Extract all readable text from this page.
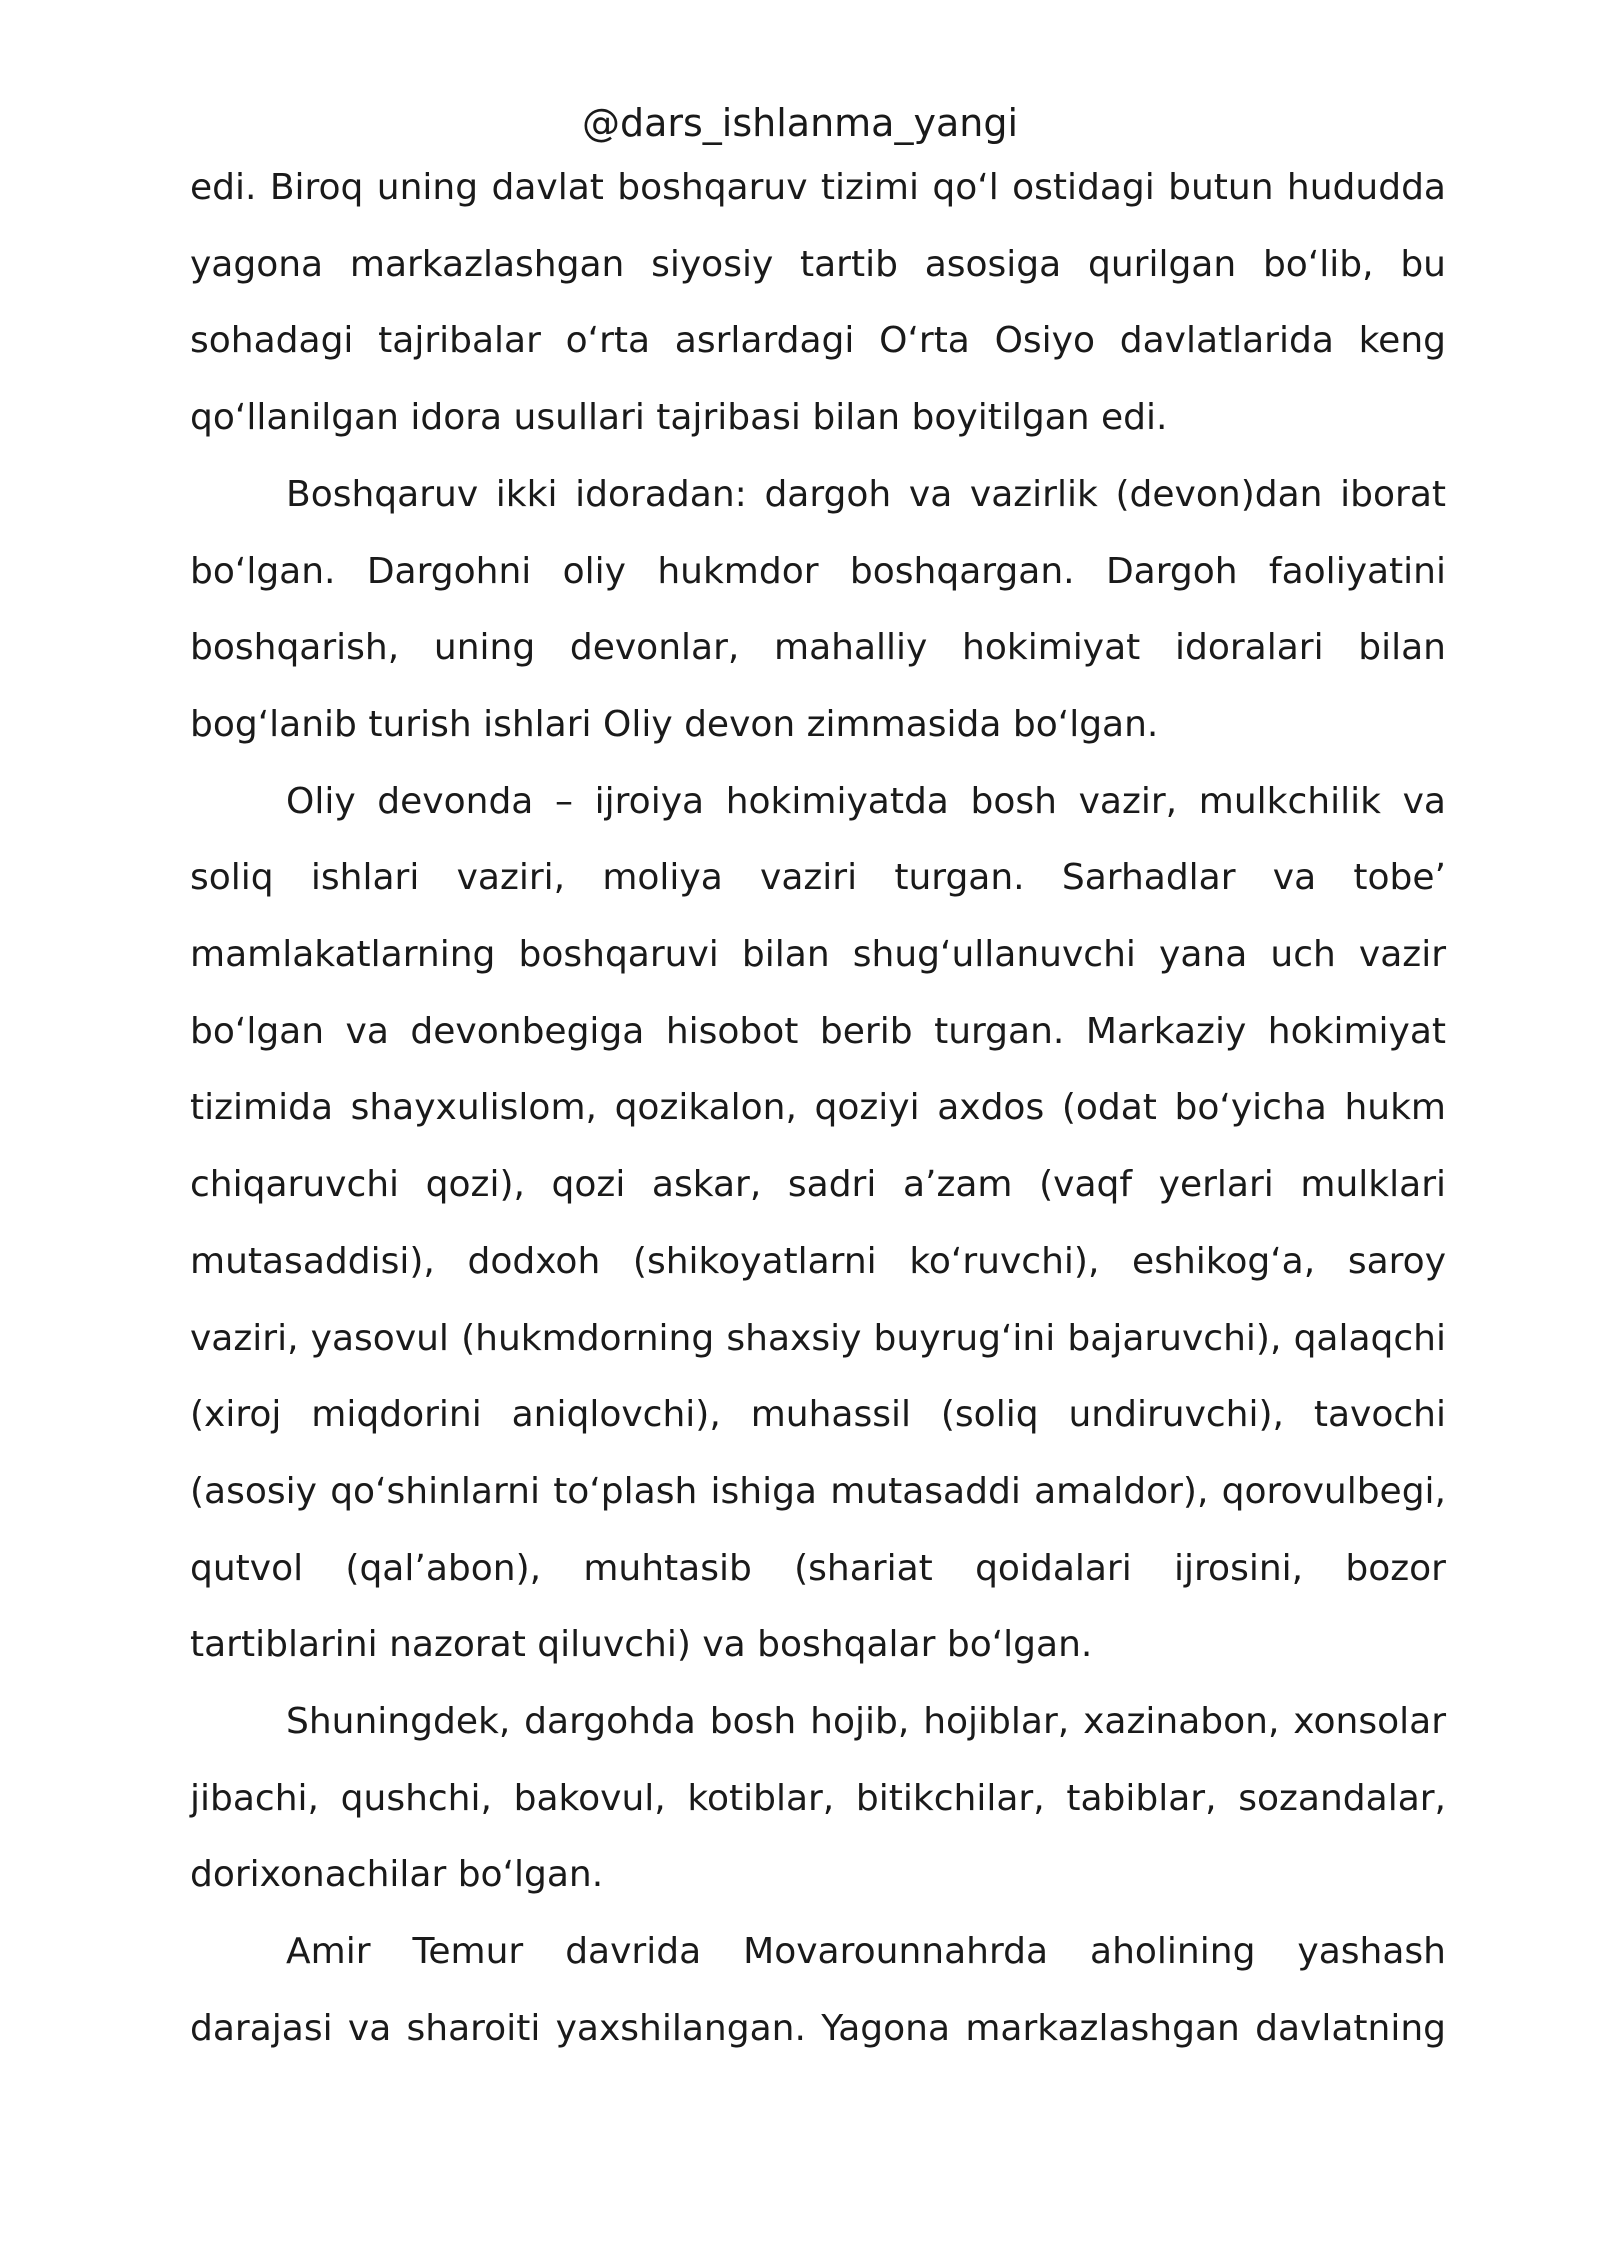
@dars_ishlanma_yangi

edi. Biroq uning davlat boshqaruv tizimi qo‘l ostidagi butun hududda yagona markazlashgan siyosiy tartib asosiga qurilgan bo‘lib, bu sohadagi tajribalar o‘rta asrlardagi O‘rta Osiyo davlatlarida keng qo‘llanilgan idora usullari tajribasi bilan boyitilgan edi.

Boshqaruv ikki idoradan: dargoh va vazirlik (devon)dan iborat bo‘lgan. Dargohni oliy hukmdor boshqargan. Dargoh faoliyatini boshqarish, uning devonlar, mahalliy hokimiyat idoralari bilan bog‘lanib turish ishlari Oliy devon zimmasida bo‘lgan.

Oliy devonda – ijroiya hokimiyatda bosh vazir, mulkchilik va soliq ishlari vaziri, moliya vaziri turgan. Sarhadlar va tobe’ mamlakatlarning boshqaruvi bilan shug‘ullanuvchi yana uch vazir bo‘lgan va devonbegiga hisobot berib turgan. Markaziy hokimiyat tizimida shayxulislom, qozikalon, qoziyi axdos (odat bo‘yicha hukm chiqaruvchi qozi), qozi askar, sadri a’zam (vaqf yerlari mulklari mutasaddisi), dodxoh (shikoyatlarni ko‘ruvchi), eshikog‘a, saroy vaziri, yasovul (hukmdorning shaxsiy buyrug‘ini bajaruvchi), qalaqchi (xiroj miqdorini aniqlovchi), muhassil (soliq undiruvchi), tavochi (asosiy qo‘shinlarni to‘plash ishiga mutasaddi amaldor), qorovulbegi, qutvol (qal’abon), muhtasib (shariat qoidalari ijrosini, bozor tartiblarini nazorat qiluvchi) va boshqalar bo‘lgan.

Shuningdek, dargohda bosh hojib, hojiblar, xazinabon, xonsolar jibachi, qushchi, bakovul, kotiblar, bitikchilar, tabiblar, sozandalar, dorixonachilar bo‘lgan.

Amir Temur davrida Movarounnahrda aholining yashash darajasi va sharoiti yaxshilangan. Yagona markazlashgan davlatning
